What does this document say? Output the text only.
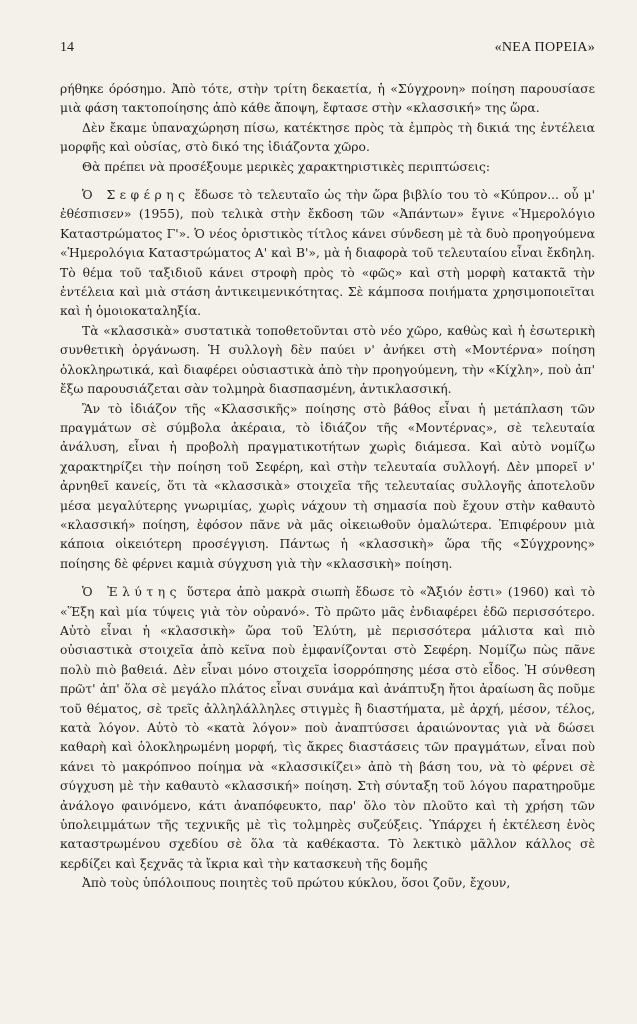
14	«ΝΕΑ ΠΟΡΕΙΑ»

ρήθηκε όρόσημο. Ἀπὸ τότε, στὴν τρίτη δεκαετία, ἡ «Σύγχρονη» ποίηση παρουσίασε μιὰ φάση τακτοποίησης ἀπὸ κάθε ἄποψη, ἔφτασε στὴν «κλασσική» της ὥρα.

Δὲν ἔκαμε ὑπαναχώρηση πίσω, κατέκτησε πρὸς τὰ ἐμπρὸς τὴ δικιά της ἐντέλεια μορφῆς καὶ οὐσίας, στὸ δικό της ἰδιάζοντα χῶρο.

Θὰ πρέπει νὰ προσέξουμε μερικὲς χαρακτηριστικὲς περιπτώσεις:

Ὁ Σεφέρης ἔδωσε τὸ τελευταῖο ὡς τὴν ὥρα βιβλίο του τὸ «Κύπρον... οὗ μ' ἐθέσπισεν» (1955), ποὺ τελικὰ στὴν ἔκδοση τῶν «Ἀπάντων» ἔγινε «Ἡμερολόγιο Καταστρώματος Γ'». Ὁ νέος ὁριστικὸς τίτλος κάνει σύνδεση μὲ τὰ δυὸ προηγούμενα «Ἡμερολόγια Καταστρώματος Α' καὶ Β'», μὰ ἡ διαφορὰ τοῦ τελευταίου εἶναι ἔκδηλη. Τὸ θέμα τοῦ ταξιδιοῦ κάνει στροφὴ πρὸς τὸ «φῶς» καὶ στὴ μορφὴ κατακτᾶ τὴν ἐντέλεια καὶ μιὰ στάση ἀντικειμενικότητας. Σὲ κάμποσα ποιήματα χρησιμοποιεῖται καὶ ἡ ὁμοιοκαταληξία.

Τὰ «κλασσικὰ» συστατικὰ τοποθετοῦνται στὸ νέο χῶρο, καθὼς καὶ ἡ ἐσωτερικὴ συνθετικὴ ὀργάνωση. Ἡ συλλογὴ δὲν παύει ν' ἀνήκει στὴ «Μοντέρνα» ποίηση ὁλοκληρωτικά, καὶ διαφέρει οὐσιαστικὰ ἀπὸ τὴν προηγούμενη, τὴν «Κίχλη», ποὺ ἀπ' ἔξω παρουσιάζεται σὰν τολμηρὰ διασπασμένη, ἀντικλασσική.

Ἂν τὸ ἰδιάζον τῆς «Κλασσικῆς» ποίησης στὸ βάθος εἶναι ἡ μετάπλαση τῶν πραγμάτων σὲ σύμβολα ἀκέραια, τὸ ἰδιάζον τῆς «Μοντέρνας», σὲ τελευταία ἀνάλυση, εἶναι ἡ προβολὴ πραγματικοτήτων χωρὶς διάμεσα. Καὶ αὐτὸ νομίζω χαρακτηρίζει τὴν ποίηση τοῦ Σεφέρη, καὶ στὴν τελευταία συλλογή. Δὲν μπορεῖ ν' ἀρνηθεῖ κανείς, ὅτι τὰ «κλασσικὰ» στοιχεῖα τῆς τελευταίας συλλογῆς ἀποτελοῦν μέσα μεγαλύτερης γνωριμίας, χωρὶς νάχουν τὴ σημασία ποὺ ἔχουν στὴν καθαυτὸ «κλασσική» ποίηση, ἐφόσον πᾶνε νὰ μᾶς οἰκειωθοῦν ὁμαλώτερα. Ἐπιφέρουν μιὰ κάποια οἰκειότερη προσέγγιση. Πάντως ἡ «κλασσικὴ» ὥρα τῆς «Σύγχρονης» ποίησης δὲ φέρνει καμιὰ σύγχυση γιὰ τὴν «κλασσικὴ» ποίηση.

Ὁ Ἐλύτης ὕστερα ἀπὸ μακρὰ σιωπὴ ἔδωσε τὸ «Ἄξιόν ἐστι» (1960) καὶ τὸ «Ἕξη καὶ μία τύψεις γιὰ τὸν οὐρανό». Τὸ πρῶτο μᾶς ἐνδιαφέρει ἐδῶ περισσότερο. Αὐτὸ εἶναι ἡ «κλασσικὴ» ὥρα τοῦ Ἐλύτη, μὲ περισσότερα μάλιστα καὶ πιὸ οὐσιαστικὰ στοιχεῖα ἀπὸ κεῖνα ποὺ ἐμφανίζονται στὸ Σεφέρη. Νομίζω πὼς πᾶνε πολὺ πιὸ βαθειά. Δὲν εἶναι μόνο στοιχεῖα ἰσορρόπησης μέσα στὸ εἶδος. Ἡ σύνθεση πρῶτ' ἀπ' ὅλα σὲ μεγάλο πλάτος εἶναι συνάμα καὶ ἀνάπτυξη ἤτοι ἀραίωση ἂς ποῦμε τοῦ θέματος, σὲ τρεῖς ἀλληλάλληλες στιγμὲς ἢ διαστήματα, μὲ ἀρχή, μέσον, τέλος, κατὰ λόγον. Αὐτὸ τὸ «κατὰ λόγον» ποὺ ἀναπτύσσει ἀραιώνοντας γιὰ νὰ δώσει καθαρὴ καὶ ὁλοκληρωμένη μορφή, τὶς ἄκρες διαστάσεις τῶν πραγμάτων, εἶναι ποὺ κάνει τὸ μακρόπνοο ποίημα νὰ «κλασσικίζει» ἀπὸ τὴ βάση του, νὰ τὸ φέρνει σὲ σύγχυση μὲ τὴν καθαυτὸ «κλασσική» ποίηση. Στὴ σύνταξη τοῦ λόγου παρατηροῦμε ἀνάλογο φαινόμενο, κάτι ἀναπόφευκτο, παρ' ὅλο τὸν πλοῦτο καὶ τὴ χρήση τῶν ὑπολειμμάτων τῆς τεχνικῆς μὲ τὶς τολμηρὲς συζεύξεις. Ὑπάρχει ἡ ἐκτέλεση ἑνὸς καταστρωμένου σχεδίου σὲ ὅλα τὰ καθέκαστα. Τὸ λεκτικὸ μᾶλλον κάλλος σὲ κερδίζει καὶ ξεχνᾶς τὰ ἴκρια καὶ τὴν κατασκευὴ τῆς δομῆς

Ἀπὸ τοὺς ὑπόλοιπους ποιητὲς τοῦ πρώτου κύκλου, ὅσοι ζοῦν, ἔχουν,
